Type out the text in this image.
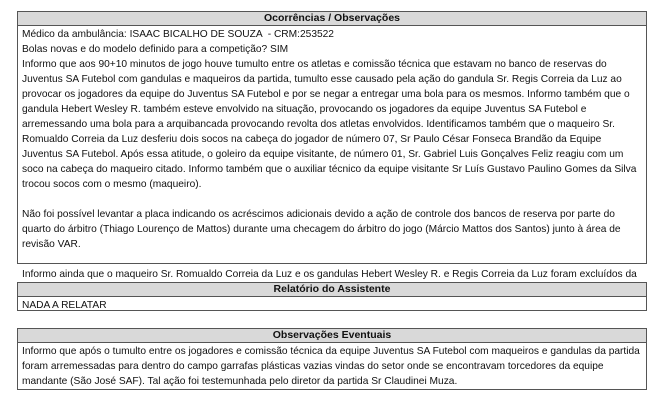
Ocorrências / Observações

Médico da ambulância: ISAAC BICALHO DE SOUZA  - CRM:253522

Bolas novas e do modelo definido para a competição? SIM

Informo que aos 90+10 minutos de jogo houve tumulto entre os atletas e comissão técnica que estavam no banco de reservas do Juventus SA Futebol com gandulas e maqueiros da partida, tumulto esse causado pela ação do gandula Sr. Regis Correia da Luz ao provocar os jogadores da equipe do Juventus SA Futebol e por se negar a entregar uma bola para os mesmos. Informo também que o gandula Hebert Wesley R. também esteve envolvido na situação, provocando os jogadores da equipe Juventus SA Futebol e arremessando uma bola para a arquibancada provocando revolta dos atletas envolvidos. Identificamos também que o maqueiro Sr. Romualdo Correia da Luz desferiu dois socos na cabeça do jogador de número 07, Sr Paulo César Fonseca Brandão da Equipe Juventus SA Futebol. Após essa atitude, o goleiro da equipe visitante, de número 01, Sr. Gabriel Luis Gonçalves Feliz reagiu com um soco na cabeça do maqueiro citado. Informo também que o auxiliar técnico da equipe visitante Sr Luís Gustavo Paulino Gomes da Silva trocou socos com o mesmo (maqueiro).

Não foi possível levantar a placa indicando os acréscimos adicionais devido a ação de controle dos bancos de reserva por parte do quarto do árbitro (Thiago Lourenço de Mattos) durante uma checagem do árbitro do jogo (Márcio Mattos dos Santos) junto à área de revisão VAR.

Informo ainda que o maqueiro Sr. Romualdo Correia da Luz e os gandulas Hebert Wesley R. e Regis Correia da Luz foram excluídos da

Relatório do Assistente

NADA A RELATAR

Observações Eventuais

Informo que após o tumulto entre os jogadores e comissão técnica da equipe Juventus SA Futebol com maqueiros e gandulas da partida foram arremessadas para dentro do campo garrafas plásticas vazias vindas do setor onde se encontravam torcedores da equipe mandante (São José SAF). Tal ação foi testemunhada pelo diretor da partida Sr Claudinei Muza.
